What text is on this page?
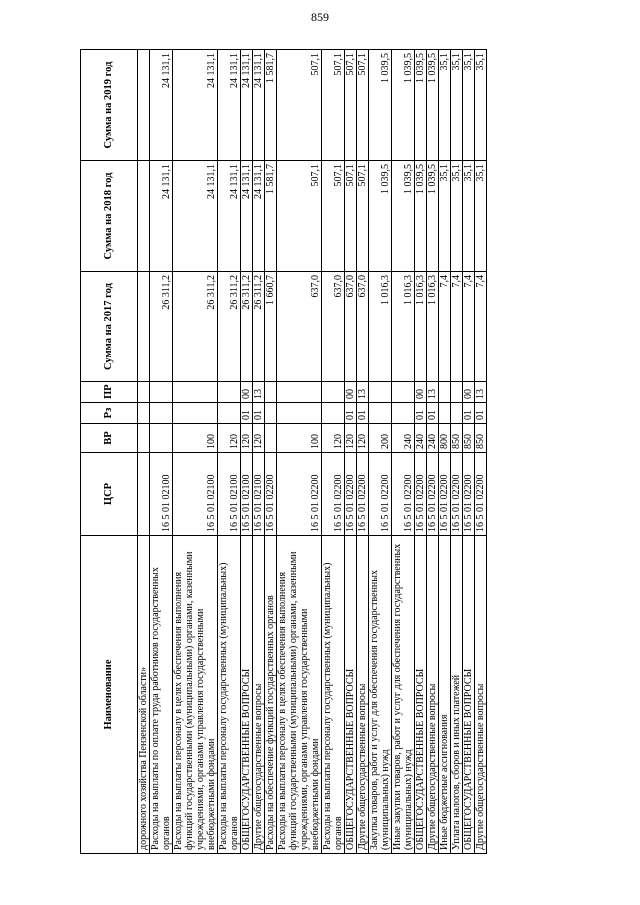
859
Наименование	ЦСР	ВР	Рз	ПР	Сумма на 2017 год	Сумма на 2018 год	Сумма на 2019 год
дорожного хозяйства Пензенской области»							
Расходы на выплаты по оплате труда работников государственных органов	16 5 01 02100				26 311,2	24 131,1	24 131,1
Расходы на выплаты персоналу в целях обеспечения выполнения функций государственными (муниципальными) органами, казенными учреждениями, органами управления государственными внебюджетными фондами	16 5 01 02100	100			26 311,2	24 131,1	24 131,1
Расходы на выплаты персоналу государственных (муниципальных) органов	16 5 01 02100	120			26 311,2	24 131,1	24 131,1
ОБЩЕГОСУДАРСТВЕННЫЕ ВОПРОСЫ	16 5 01 02100	120	01	00	26 311,2	24 131,1	24 131,1
Другие общегосударственные вопросы	16 5 01 02100	120	01	13	26 311,2	24 131,1	24 131,1
Расходы на обеспечение функций государственных органов	16 5 01 02200				1 660,7	1 581,7	1 581,7
Расходы на выплаты персоналу в целях обеспечения выполнения функций государственными (муниципальными) органами, казенными учреждениями, органами управления государственными внебюджетными фондами	16 5 01 02200	100			637,0	507,1	507,1
Расходы на выплаты персоналу государственных (муниципальных) органов	16 5 01 02200	120			637,0	507,1	507,1
ОБЩЕГОСУДАРСТВЕННЫЕ ВОПРОСЫ	16 5 01 02200	120	01	00	637,0	507,1	507,1
Другие общегосударственные вопросы	16 5 01 02200	120	01	13	637,0	507,1	507,1
Закупка товаров, работ и услуг для обеспечения государственных (муниципальных) нужд	16 5 01 02200	200			1 016,3	1 039,5	1 039,5
Иные закупки товаров, работ и услуг для обеспечения государственных (муниципальных) нужд	16 5 01 02200	240			1 016,3	1 039,5	1 039,5
ОБЩЕГОСУДАРСТВЕННЫЕ ВОПРОСЫ	16 5 01 02200	240	01	00	1 016,3	1 039,5	1 039,5
Другие общегосударственные вопросы	16 5 01 02200	240	01	13	1 016,3	1 039,5	1 039,5
Иные бюджетные ассигнования	16 5 01 02200	800			7,4	35,1	35,1
Уплата налогов, сборов и иных платежей	16 5 01 02200	850			7,4	35,1	35,1
ОБЩЕГОСУДАРСТВЕННЫЕ ВОПРОСЫ	16 5 01 02200	850	01	00	7,4	35,1	35,1
Другие общегосударственные вопросы	16 5 01 02200	850	01	13	7,4	35,1	35,1
